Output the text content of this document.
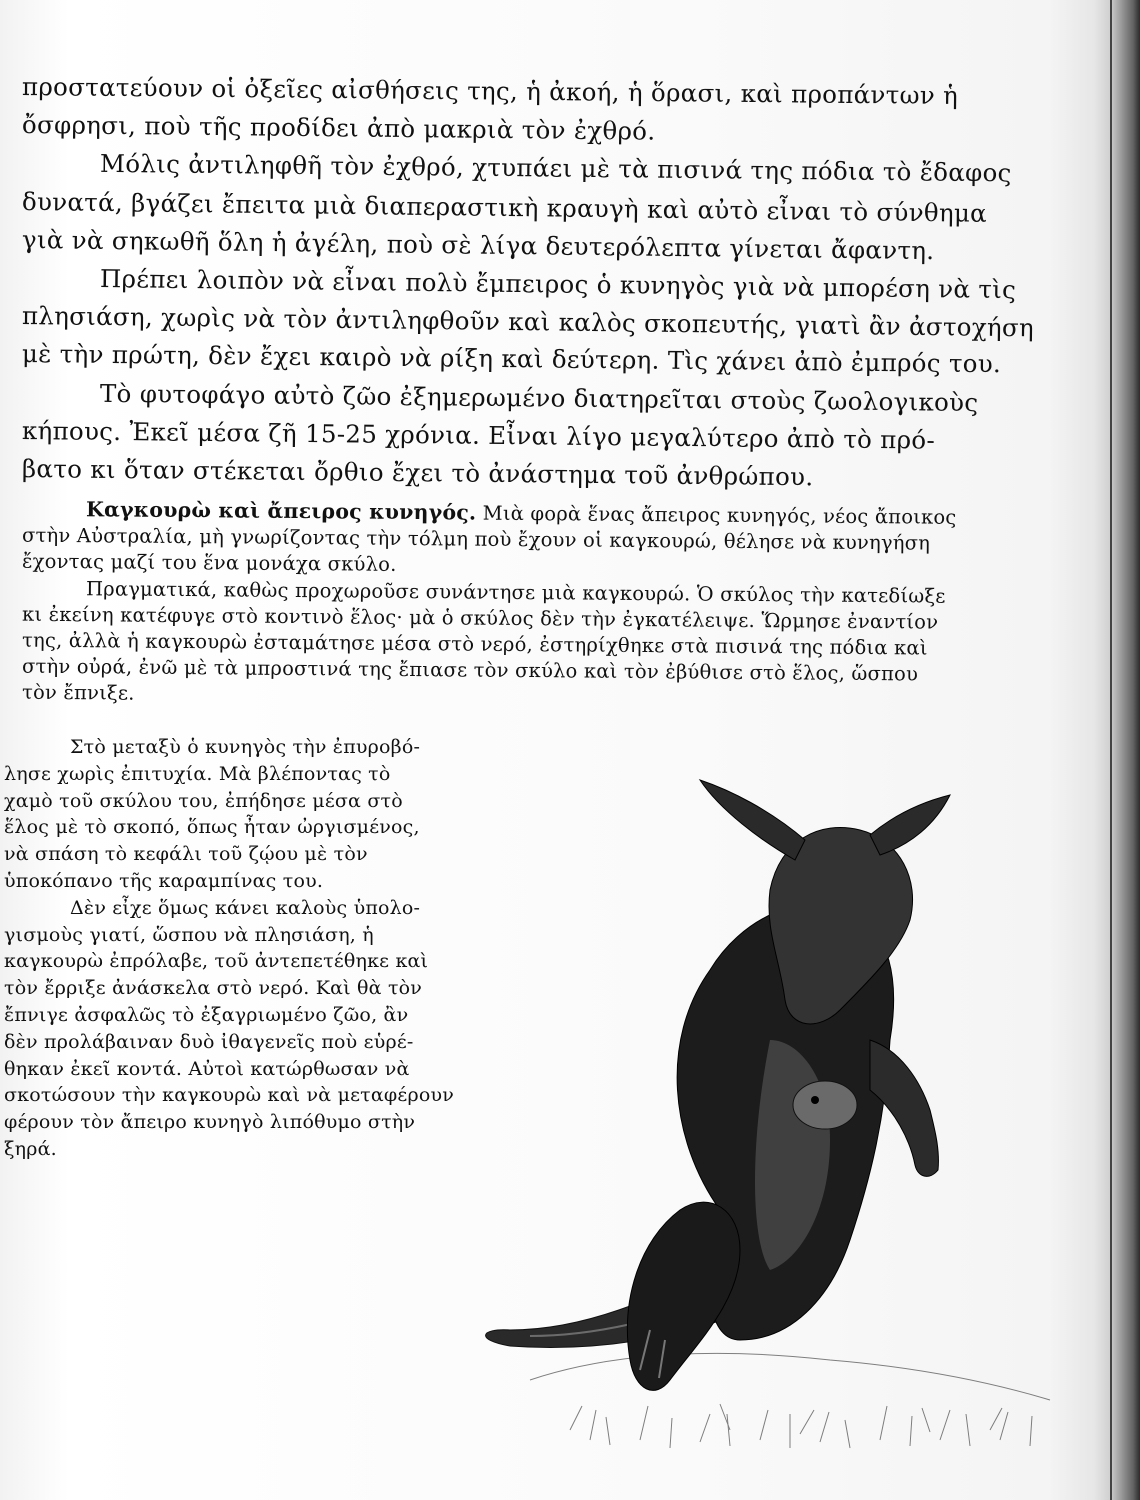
προστατεύουν οἱ ὀξεῖες αἰσθήσεις της, ἡ ἀκοή, ἡ ὅρασι, καὶ προπάντων ἡ
ὄσφρησι, ποὺ τῆς προδίδει ἀπὸ μακριὰ τὸν ἐχθρό.
Μόλις ἀντιληφθῆ τὸν ἐχθρό, χτυπάει μὲ τὰ πισινά της πόδια τὸ ἔδαφος
δυνατά, βγάζει ἔπειτα μιὰ διαπεραστικὴ κραυγὴ καὶ αὐτὸ εἶναι τὸ σύνθημα
γιὰ νὰ σηκωθῆ ὅλη ἡ ἀγέλη, ποὺ σὲ λίγα δευτερόλεπτα γίνεται ἄφαντη.
Πρέπει λοιπὸν νὰ εἶναι πολὺ ἔμπειρος ὁ κυνηγὸς γιὰ νὰ μπορέση νὰ τὶς
πλησιάση, χωρὶς νὰ τὸν ἀντιληφθοῦν καὶ καλὸς σκοπευτής, γιατὶ ἂν ἀστοχήση
μὲ τὴν πρώτη, δὲν ἔχει καιρὸ νὰ ρίξη καὶ δεύτερη. Τὶς χάνει ἀπὸ ἐμπρός του.
Τὸ φυτοφάγο αὐτὸ ζῶο ἐξημερωμένο διατηρεῖται στοὺς ζωολογικοὺς
κήπους. Ἐκεῖ μέσα ζῆ 15-25 χρόνια. Εἶναι λίγο μεγαλύτερο ἀπὸ τὸ πρό-
βατο κι ὅταν στέκεται ὄρθιο ἔχει τὸ ἀνάστημα τοῦ ἀνθρώπου.
Καγκουρὼ καὶ ἄπειρος κυνηγός. Μιὰ φορὰ ἕνας ἄπειρος κυνηγός, νέος ἄποικος
στὴν Αὐστραλία, μὴ γνωρίζοντας τὴν τόλμη ποὺ ἔχουν οἱ καγκουρώ, θέλησε νὰ κυνηγήση
ἔχοντας μαζί του ἕνα μονάχα σκύλο.
Πραγματικά, καθὼς προχωροῦσε συνάντησε μιὰ καγκουρώ. Ὁ σκύλος τὴν κατεδίωξε
κι ἐκείνη κατέφυγε στὸ κοντινὸ ἕλος· μὰ ὁ σκύλος δὲν τὴν ἐγκατέλειψε. Ὥρμησε ἐναντίον
της, ἀλλὰ ἡ καγκουρὼ ἐσταμάτησε μέσα στὸ νερό, ἐστηρίχθηκε στὰ πισινά της πόδια καὶ
στὴν οὐρά, ἐνῶ μὲ τὰ μπροστινά της ἔπιασε τὸν σκύλο καὶ τὸν ἐβύθισε στὸ ἕλος, ὥσπου
τὸν ἔπνιξε.
Στὸ μεταξὺ ὁ κυνηγὸς τὴν ἐπυροβό-
λησε χωρὶς ἐπιτυχία. Μὰ βλέποντας τὸ
χαμὸ τοῦ σκύλου του, ἐπήδησε μέσα στὸ
ἕλος μὲ τὸ σκοπό, ὅπως ἦταν ὠργισμένος,
νὰ σπάση τὸ κεφάλι τοῦ ζῴου μὲ τὸν
ὑποκόπανο τῆς καραμπίνας του.
Δὲν εἶχε ὅμως κάνει καλοὺς ὑπολο-
γισμοὺς γιατί, ὥσπου νὰ πλησιάση, ἡ
καγκουρὼ ἐπρόλαβε, τοῦ ἀντεπετέθηκε καὶ
τὸν ἔρριξε ἀνάσκελα στὸ νερό. Καὶ θὰ τὸν
ἔπνιγε ἀσφαλῶς τὸ ἐξαγριωμένο ζῶο, ἂν
δὲν προλάβαιναν δυὸ ἰθαγενεῖς ποὺ εὑρέ-
θηκαν ἐκεῖ κοντά. Αὐτοὶ κατώρθωσαν νὰ
σκοτώσουν τὴν καγκουρὼ καὶ νὰ μεταφέρουν
φέρουν τὸν ἄπειρο κυνηγὸ λιπόθυμο στὴν
ξηρά.
